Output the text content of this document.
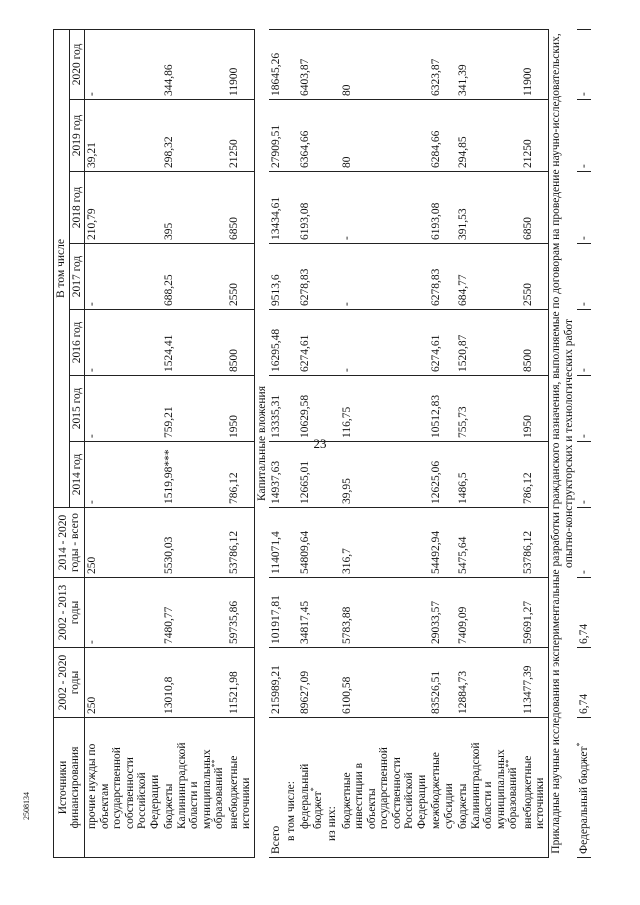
23
2508134 Источники финансирования	2002 - 2020 годы	2002 - 2013 годы	2014 - 2020 годы - всего	В том числе						
				2014 год	2015 год	2016 год	2017 год	2018 год	2019 год	2020 год
прочие нужды по объектам государственной собственности Российской Федерации	250	-	250	-	-	-	-	210,79	39,21	-
бюджеты Калининградской области и муниципальных образований**	13010,8	7480,77	5530,03	1519,98***	759,21	1524,41	688,25	395	298,32	344,86
внебюджетные источники	11521,98	59735,86	53786,12	786,12	1950	8500	2550	6850	21250	11900
Капитальные вложения										
Всего	215989,21	101917,81	114071,4	14937,63	13335,31	16295,48	9513,6	13434,61	27909,51	18645,26
в том числе:										
федеральный бюджет*	89627,09	34817,45	54809,64	12665,01	10629,58	6274,61	6278,83	6193,08	6364,66	6403,87
из них:										
бюджетные инвестиции в объекты государственной собственности Российской Федерации	6100,58	5783,88	316,7	39,95	116,75	-	-	-	80	80
межбюджетные субсидии	83526,51	29033,57	54492,94	12625,06	10512,83	6274,61	6278,83	6193,08	6284,66	6323,87
бюджеты Калининградской области и муниципальных образований**	12884,73	7409,09	5475,64	1486,5	755,73	1520,87	684,77	391,53	294,85	341,39
внебюджетные источники	113477,39	59691,27	53786,12	786,12	1950	8500	2550	6850	21250	11900
Прикладные научные исследования и экспериментальные разработки гражданского назначения, выполняемые по договорам на проведение научно-исследовательских, опытно-конструкторских и технологических работ										
Федеральный бюджет*	6,74	6,74	-	-	-	-	-	-	-	-
